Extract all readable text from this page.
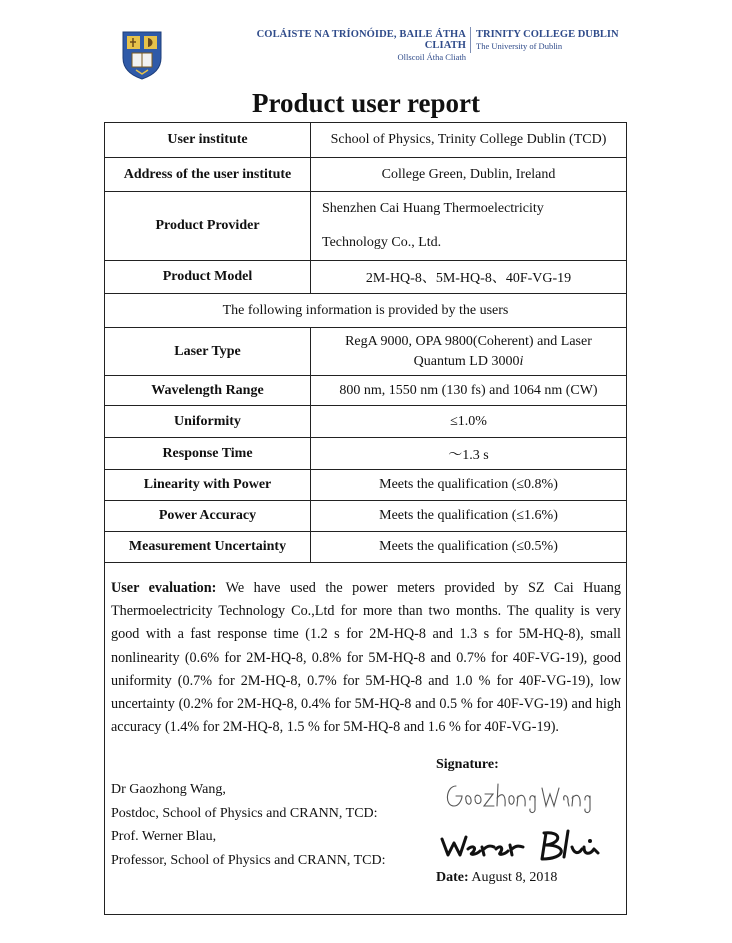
COLÁISTE NA TRÍONÓIDE, BAILE ÁTHA CLIATH
Ollscoil Átha Cliath
TRINITY COLLEGE DUBLIN
The University of Dublin
Product user report
User institute	School of Physics, Trinity College Dublin (TCD)
Address of the user institute	College Green, Dublin, Ireland
Product Provider	Shenzhen Cai Huang Thermoelectricity
Technology Co., Ltd.

Product Model	2M-HQ-8、5M-HQ-8、40F-VG-19
The following information is provided by the users	
Laser Type	RegA 9000, OPA 9800(Coherent) and Laser
Quantum LD 3000i

Wavelength Range	800 nm, 1550 nm (130 fs) and 1064 nm (CW)
Uniformity	≤1.0%
Response Time	～1.3 s
Linearity with Power	Meets the qualification (≤0.8%)
Power Accuracy	Meets the qualification (≤1.6%)
Measurement Uncertainty	Meets the qualification (≤0.5%)
User evaluation: We have used the power meters provided by SZ Cai Huang Thermoelectricity Technology Co.,Ltd for more than two months. The quality is very good with a fast response time (1.2 s for 2M-HQ-8 and 1.3 s for 5M-HQ-8), small nonlinearity (0.6% for 2M-HQ-8, 0.8% for 5M-HQ-8 and 0.7% for 40F-VG-19), good uniformity (0.7% for 2M-HQ-8, 0.7% for 5M-HQ-8 and 1.0 % for 40F-VG-19), low uncertainty (0.2% for 2M-HQ-8, 0.4% for 5M-HQ-8 and 0.5 % for 40F-VG-19) and high accuracy (1.4% for 2M-HQ-8, 1.5 % for 5M-HQ-8 and 1.6 % for 40F-VG-19).
Dr Gaozhong Wang,
Postdoc, School of Physics and CRANN, TCD:
Prof. Werner Blau,
Professor, School of Physics and CRANN, TCD:
Signature:
Date: August 8, 2018
